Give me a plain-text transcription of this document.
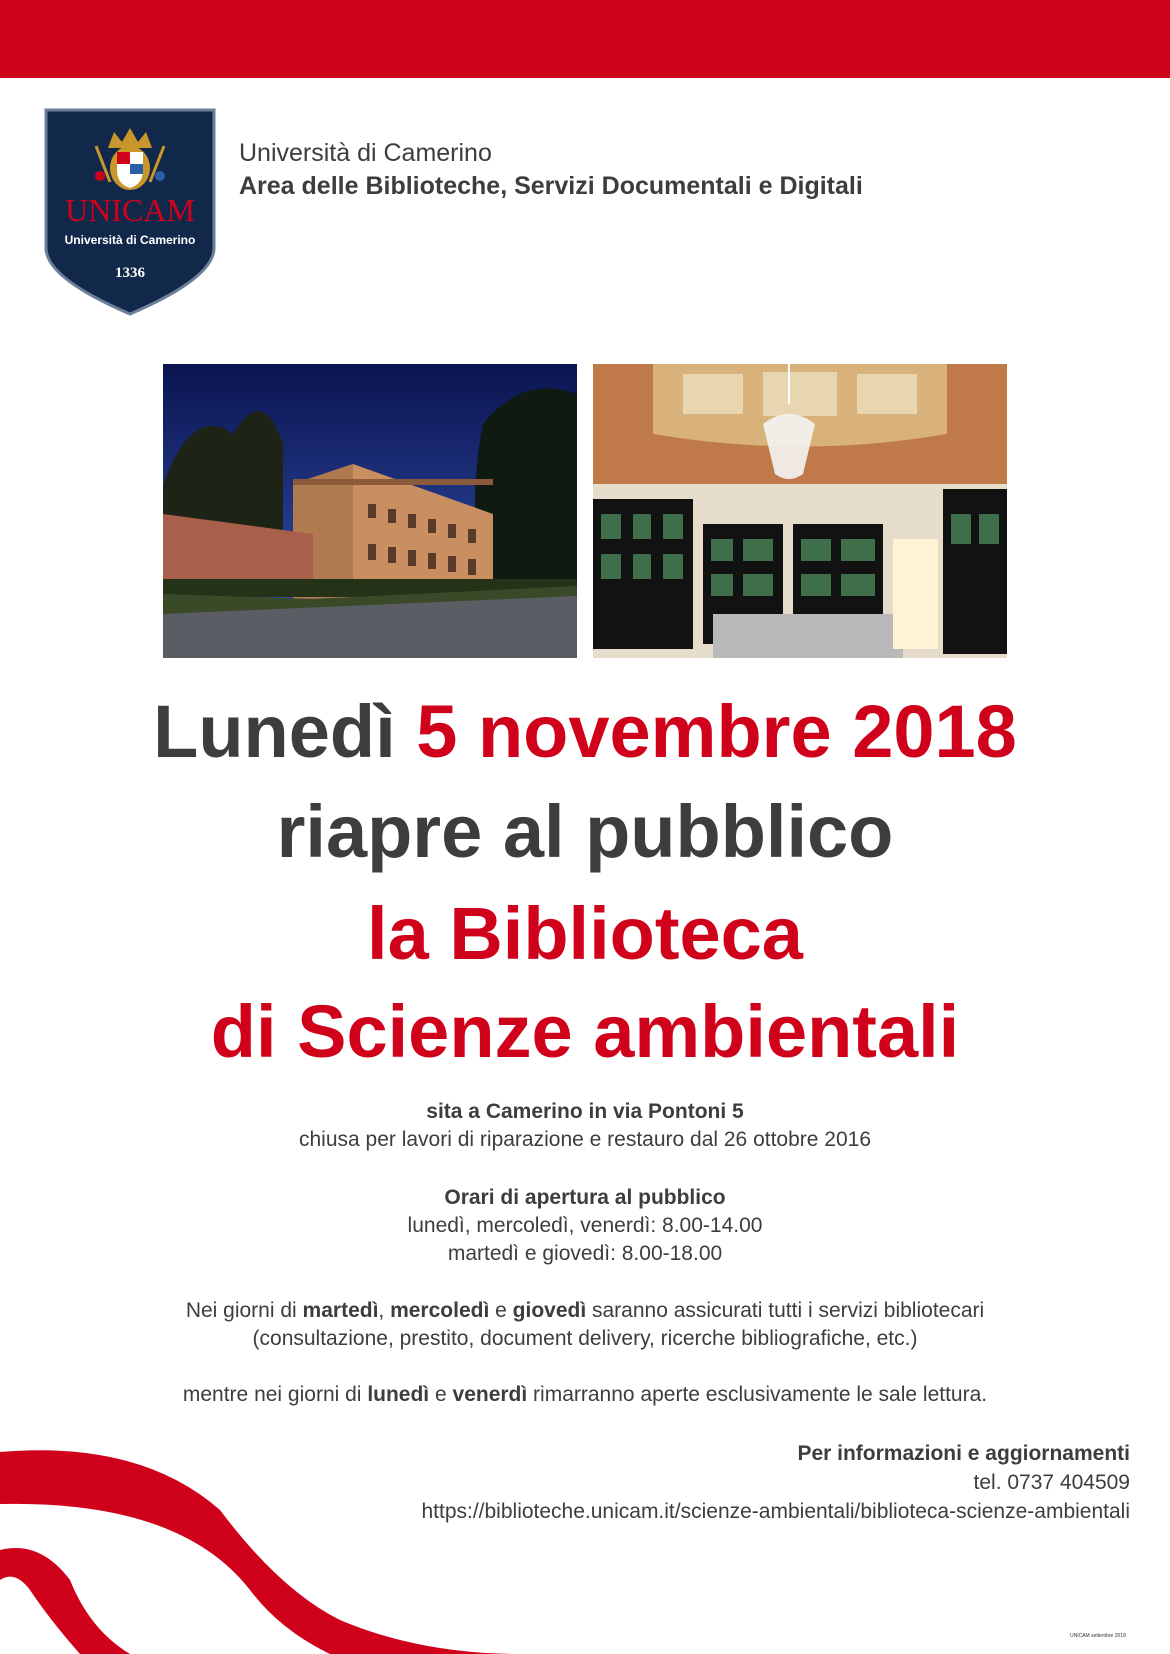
UNICAM
Università di Camerino
1336
Università di Camerino
Area delle Biblioteche, Servizi Documentali e Digitali
Lunedì 5 novembre 2018
riapre al pubblico
la Biblioteca
di Scienze ambientali
sita a Camerino in via Pontoni 5
chiusa per lavori di riparazione e restauro dal 26 ottobre 2016
Orari di apertura al pubblico
lunedì, mercoledì, venerdì: 8.00-14.00
martedì e giovedì: 8.00-18.00
Nei giorni di martedì, mercoledì e giovedì saranno assicurati tutti i servizi bibliotecari
(consultazione, prestito, document delivery, ricerche bibliografiche, etc.)
mentre nei giorni di lunedì e venerdì rimarranno aperte esclusivamente le sale lettura.
Per informazioni e aggiornamenti
tel. 0737 404509
https://biblioteche.unicam.it/scienze-ambientali/biblioteca-scienze-ambientali
UNICAM settembre 2018
